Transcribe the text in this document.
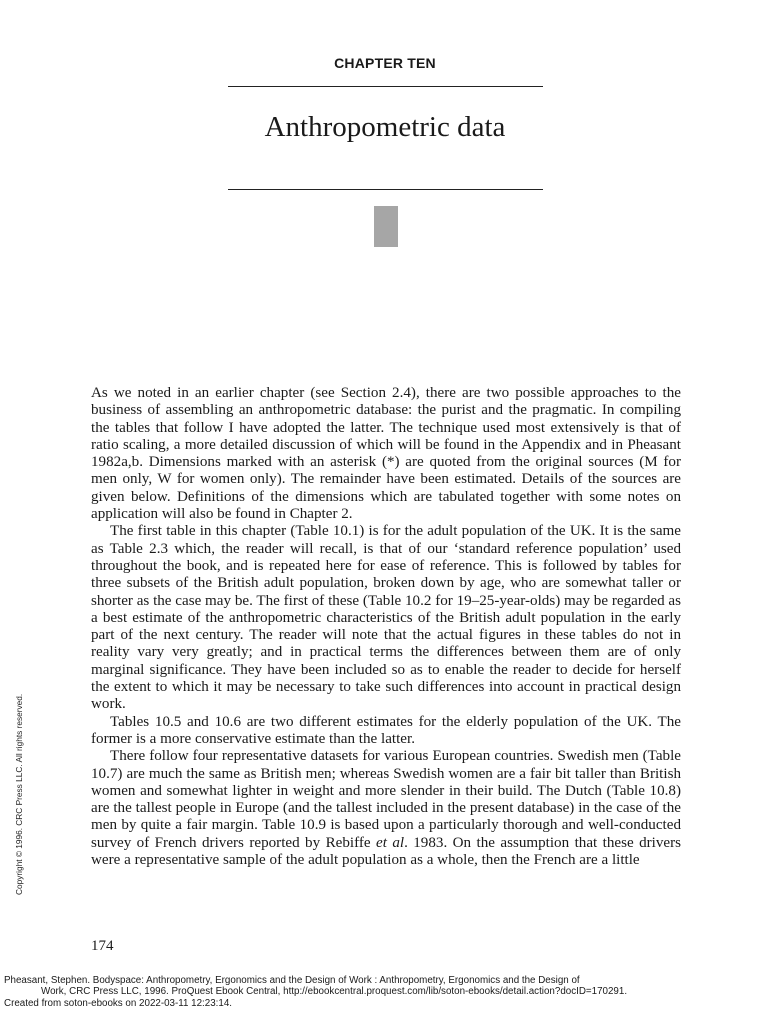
CHAPTER TEN
Anthropometric data

As we noted in an earlier chapter (see Section 2.4), there are two possible approaches to the business of assembling an anthropometric database: the purist and the pragmatic. In compiling the tables that follow I have adopted the latter. The technique used most extensively is that of ratio scaling, a more detailed discussion of which will be found in the Appendix and in Pheasant 1982a,b. Dimensions marked with an asterisk (*) are quoted from the original sources (M for men only, W for women only). The remainder have been estimated. Details of the sources are given below. Definitions of the dimensions which are tabulated together with some notes on application will also be found in Chapter 2.

The first table in this chapter (Table 10.1) is for the adult population of the UK. It is the same as Table 2.3 which, the reader will recall, is that of our ‘standard reference population’ used throughout the book, and is repeated here for ease of reference. This is followed by tables for three subsets of the British adult population, broken down by age, who are somewhat taller or shorter as the case may be. The first of these (Table 10.2 for 19–25-year-olds) may be regarded as a best estimate of the anthropometric characteristics of the British adult population in the early part of the next century. The reader will note that the actual figures in these tables do not in reality vary very greatly; and in practical terms the differences between them are of only marginal significance. They have been included so as to enable the reader to decide for herself the extent to which it may be necessary to take such differences into account in practical design work.

Tables 10.5 and 10.6 are two different estimates for the elderly population of the UK. The former is a more conservative estimate than the latter.

There follow four representative datasets for various European countries. Swedish men (Table 10.7) are much the same as British men; whereas Swedish women are a fair bit taller than British women and somewhat lighter in weight and more slender in their build. The Dutch (Table 10.8) are the tallest people in Europe (and the tallest included in the present database) in the case of the men by quite a fair margin. Table 10.9 is based upon a particularly thorough and well-conducted survey of French drivers reported by Rebiffe et al. 1983. On the assumption that these drivers were a representative sample of the adult population as a whole, then the French are a little

174
Copyright © 1996. CRC Press LLC. All rights reserved.
Pheasant, Stephen. Bodyspace: Anthropometry, Ergonomics and the Design of Work : Anthropometry, Ergonomics and the Design of
Work, CRC Press LLC, 1996. ProQuest Ebook Central, http://ebookcentral.proquest.com/lib/soton-ebooks/detail.action?docID=170291.
Created from soton-ebooks on 2022-03-11 12:23:14.
